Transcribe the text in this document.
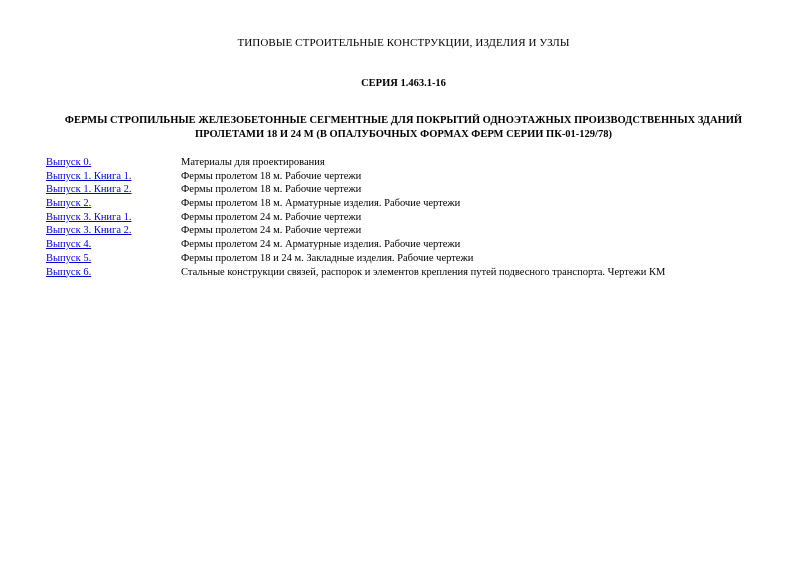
ТИПОВЫЕ СТРОИТЕЛЬНЫЕ КОНСТРУКЦИИ, ИЗДЕЛИЯ И УЗЛЫ
СЕРИЯ 1.463.1-16
ФЕРМЫ СТРОПИЛЬНЫЕ ЖЕЛЕЗОБЕТОННЫЕ СЕГМЕНТНЫЕ ДЛЯ ПОКРЫТИЙ ОДНОЭТАЖНЫХ ПРОИЗВОДСТВЕННЫХ ЗДАНИЙ
ПРОЛЕТАМИ 18 И 24 М (В ОПАЛУБОЧНЫХ ФОРМАХ ФЕРМ СЕРИИ ПК-01-129/78)
Выпуск 0.	Материалы для проектирования
Выпуск 1. Книга 1.	Фермы пролетом 18 м. Рабочие чертежи
Выпуск 1. Книга 2.	Фермы пролетом 18 м. Рабочие чертежи
Выпуск 2.	Фермы пролетом 18 м. Арматурные изделия. Рабочие чертежи
Выпуск 3. Книга 1.	Фермы пролетом 24 м. Рабочие чертежи
Выпуск 3. Книга 2.	Фермы пролетом 24 м. Рабочие чертежи
Выпуск 4.	Фермы пролетом 24 м. Арматурные изделия. Рабочие чертежи
Выпуск 5.	Фермы пролетом 18 и 24 м. Закладные изделия. Рабочие чертежи
Выпуск 6.	Стальные конструкции связей, распорок и элементов крепления путей подвесного транспорта. Чертежи КМ
